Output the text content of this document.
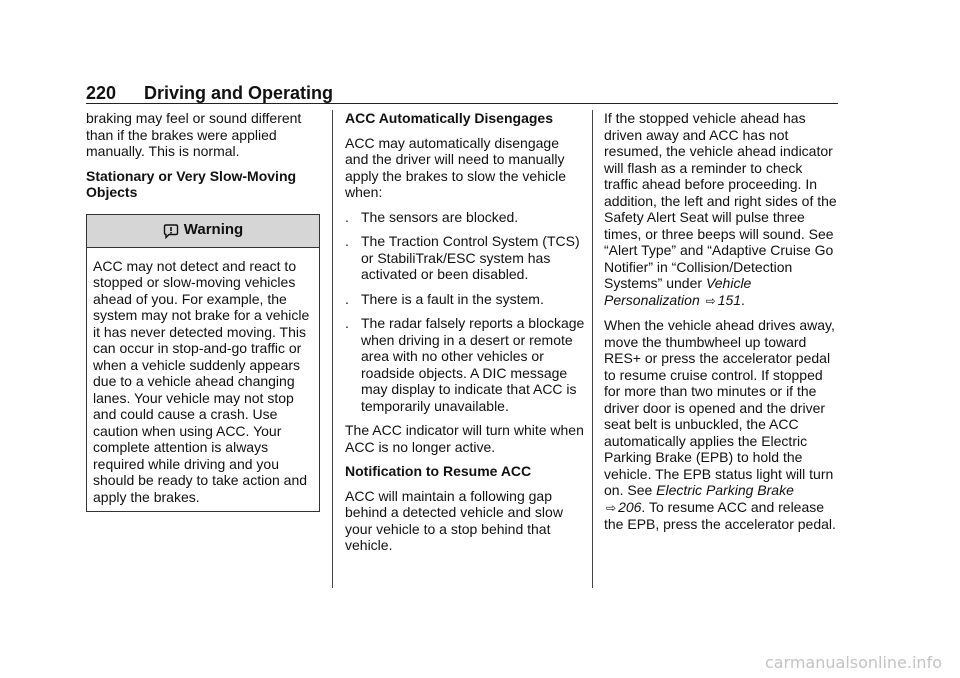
220 Driving and Operating

braking may feel or sound different than if the brakes were applied manually. This is normal.

Stationary or Very Slow-Moving Objects

Warning
ACC may not detect and react to stopped or slow-moving vehicles ahead of you. For example, the system may not brake for a vehicle it has never detected moving. This can occur in stop-and-go traffic or when a vehicle suddenly appears due to a vehicle ahead changing lanes. Your vehicle may not stop and could cause a crash. Use caution when using ACC. Your complete attention is always required while driving and you should be ready to take action and apply the brakes.

ACC Automatically Disengages

ACC may automatically disengage and the driver will need to manually apply the brakes to slow the vehicle when:

. The sensors are blocked.
. The Traction Control System (TCS) or StabiliTrak/ESC system has activated or been disabled.
. There is a fault in the system.
. The radar falsely reports a blockage when driving in a desert or remote area with no other vehicles or roadside objects. A DIC message may display to indicate that ACC is temporarily unavailable.

The ACC indicator will turn white when ACC is no longer active.

Notification to Resume ACC

ACC will maintain a following gap behind a detected vehicle and slow your vehicle to a stop behind that vehicle.

If the stopped vehicle ahead has driven away and ACC has not resumed, the vehicle ahead indicator will flash as a reminder to check traffic ahead before proceeding. In addition, the left and right sides of the Safety Alert Seat will pulse three times, or three beeps will sound. See “Alert Type” and “Adaptive Cruise Go Notifier” in “Collision/Detection Systems” under Vehicle Personalization ⇨ 151.

When the vehicle ahead drives away, move the thumbwheel up toward RES+ or press the accelerator pedal to resume cruise control. If stopped for more than two minutes or if the driver door is opened and the driver seat belt is unbuckled, the ACC automatically applies the Electric Parking Brake (EPB) to hold the vehicle. The EPB status light will turn on. See Electric Parking Brake ⇨ 206. To resume ACC and release the EPB, press the accelerator pedal.

carmanualsonline.info
